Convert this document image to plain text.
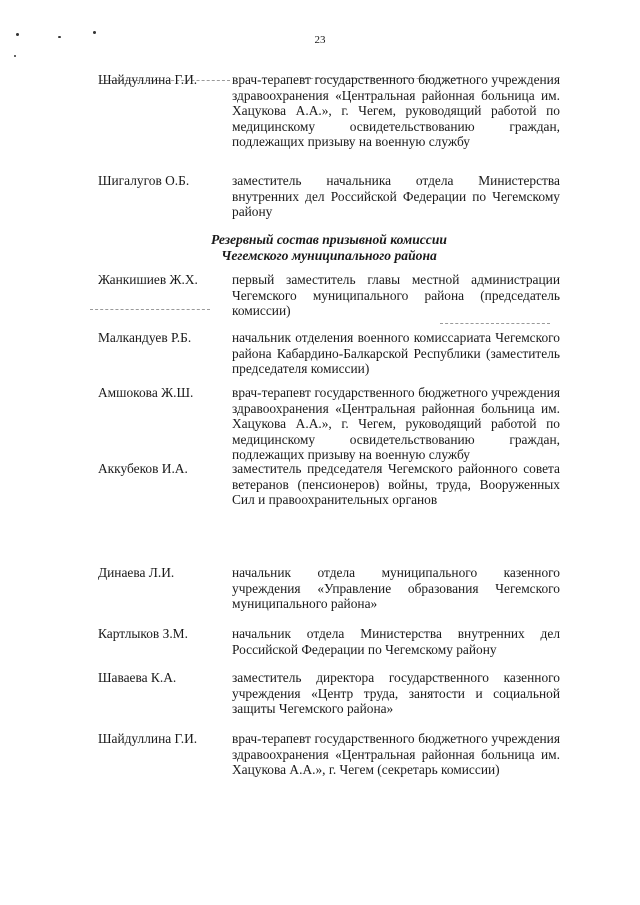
23
Шайдуллина Г.И.	врач-терапевт государственного бюджетного учреждения здравоохранения «Центральная районная больница им. Хацукова А.А.», г. Чегем, руководящий работой по медицинскому освидетельствованию граждан, подлежащих призыву на военную службу
Шигалугов О.Б.	заместитель начальника отдела Министерства внутренних дел Российской Федерации по Чегемскому району
Резервный состав призывной комиссии
Чегемского муниципального района
Жанкишиев Ж.Х.	первый заместитель главы местной администрации Чегемского муниципального района (председатель комиссии)
Малкандуев Р.Б.	начальник отделения военного комиссариата Чегемского района Кабардино-Балкарской Республики (заместитель председателя комиссии)
Амшокова Ж.Ш.	врач-терапевт государственного бюджетного учреждения здравоохранения «Центральная районная больница им. Хацукова А.А.», г. Чегем, руководящий работой по медицинскому освидетельствованию граждан, подлежащих призыву на военную службу
Аккубеков И.А.	заместитель председателя Чегемского районного совета ветеранов (пенсионеров) войны, труда, Вооруженных Сил и правоохранительных органов
Динаева Л.И.	начальник отдела муниципального казенного учреждения «Управление образования Чегемского муниципального района»
Картлыков З.М.	начальник отдела Министерства внутренних дел Российской Федерации по Чегемскому району
Шаваева К.А.	заместитель директора государственного казенного учреждения «Центр труда, занятости и социальной защиты Чегемского района»
Шайдуллина Г.И.	врач-терапевт государственного бюджетного учреждения здравоохранения «Центральная районная больница им. Хацукова А.А.», г. Чегем (секретарь комиссии)
